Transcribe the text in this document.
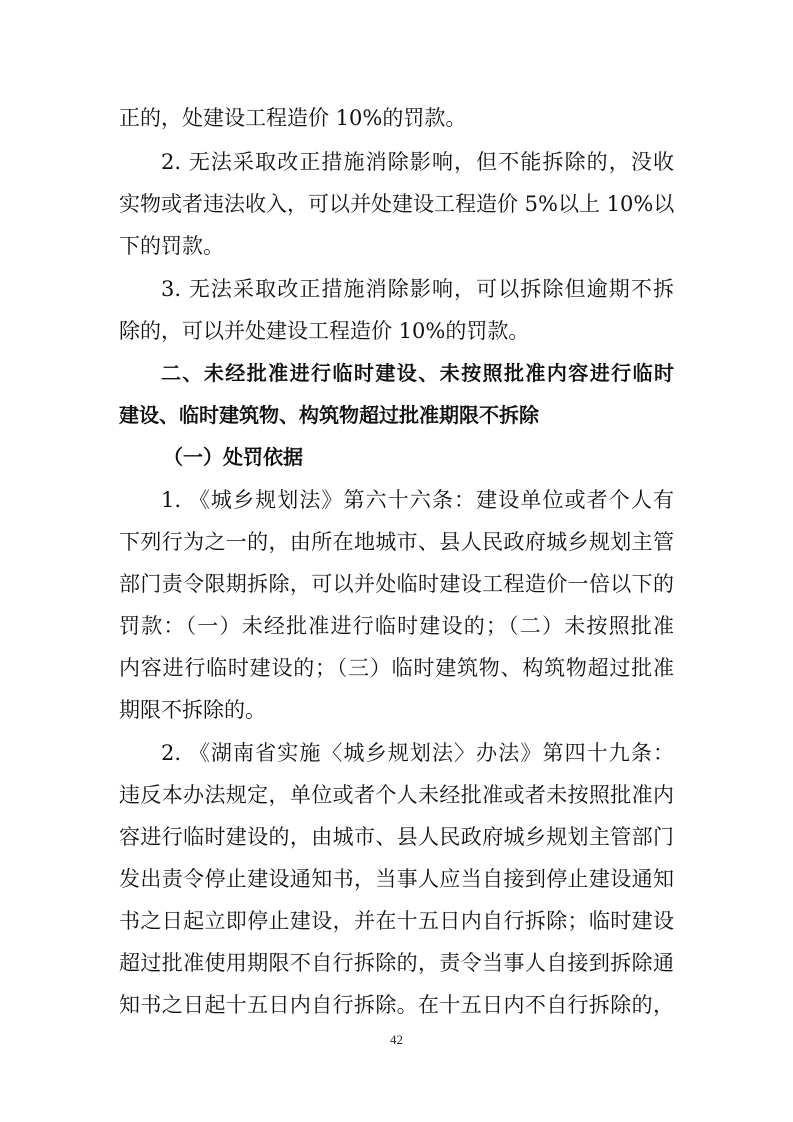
正的，处建设工程造价 10%的罚款。
2. 无法采取改正措施消除影响，但不能拆除的，没收
实物或者违法收入，可以并处建设工程造价 5%以上 10%以
下的罚款。
3. 无法采取改正措施消除影响，可以拆除但逾期不拆
除的，可以并处建设工程造价 10%的罚款。
二、未经批准进行临时建设、未按照批准内容进行临时
建设、临时建筑物、构筑物超过批准期限不拆除
（一）处罚依据
1. 《城乡规划法》第六十六条：建设单位或者个人有
下列行为之一的，由所在地城市、县人民政府城乡规划主管
部门责令限期拆除，可以并处临时建设工程造价一倍以下的
罚款：（一）未经批准进行临时建设的；（二）未按照批准
内容进行临时建设的；（三）临时建筑物、构筑物超过批准
期限不拆除的。
2. 《湖南省实施〈城乡规划法〉办法》第四十九条：
违反本办法规定，单位或者个人未经批准或者未按照批准内
容进行临时建设的，由城市、县人民政府城乡规划主管部门
发出责令停止建设通知书，当事人应当自接到停止建设通知
书之日起立即停止建设，并在十五日内自行拆除；临时建设
超过批准使用期限不自行拆除的，责令当事人自接到拆除通
知书之日起十五日内自行拆除。在十五日内不自行拆除的，
42
